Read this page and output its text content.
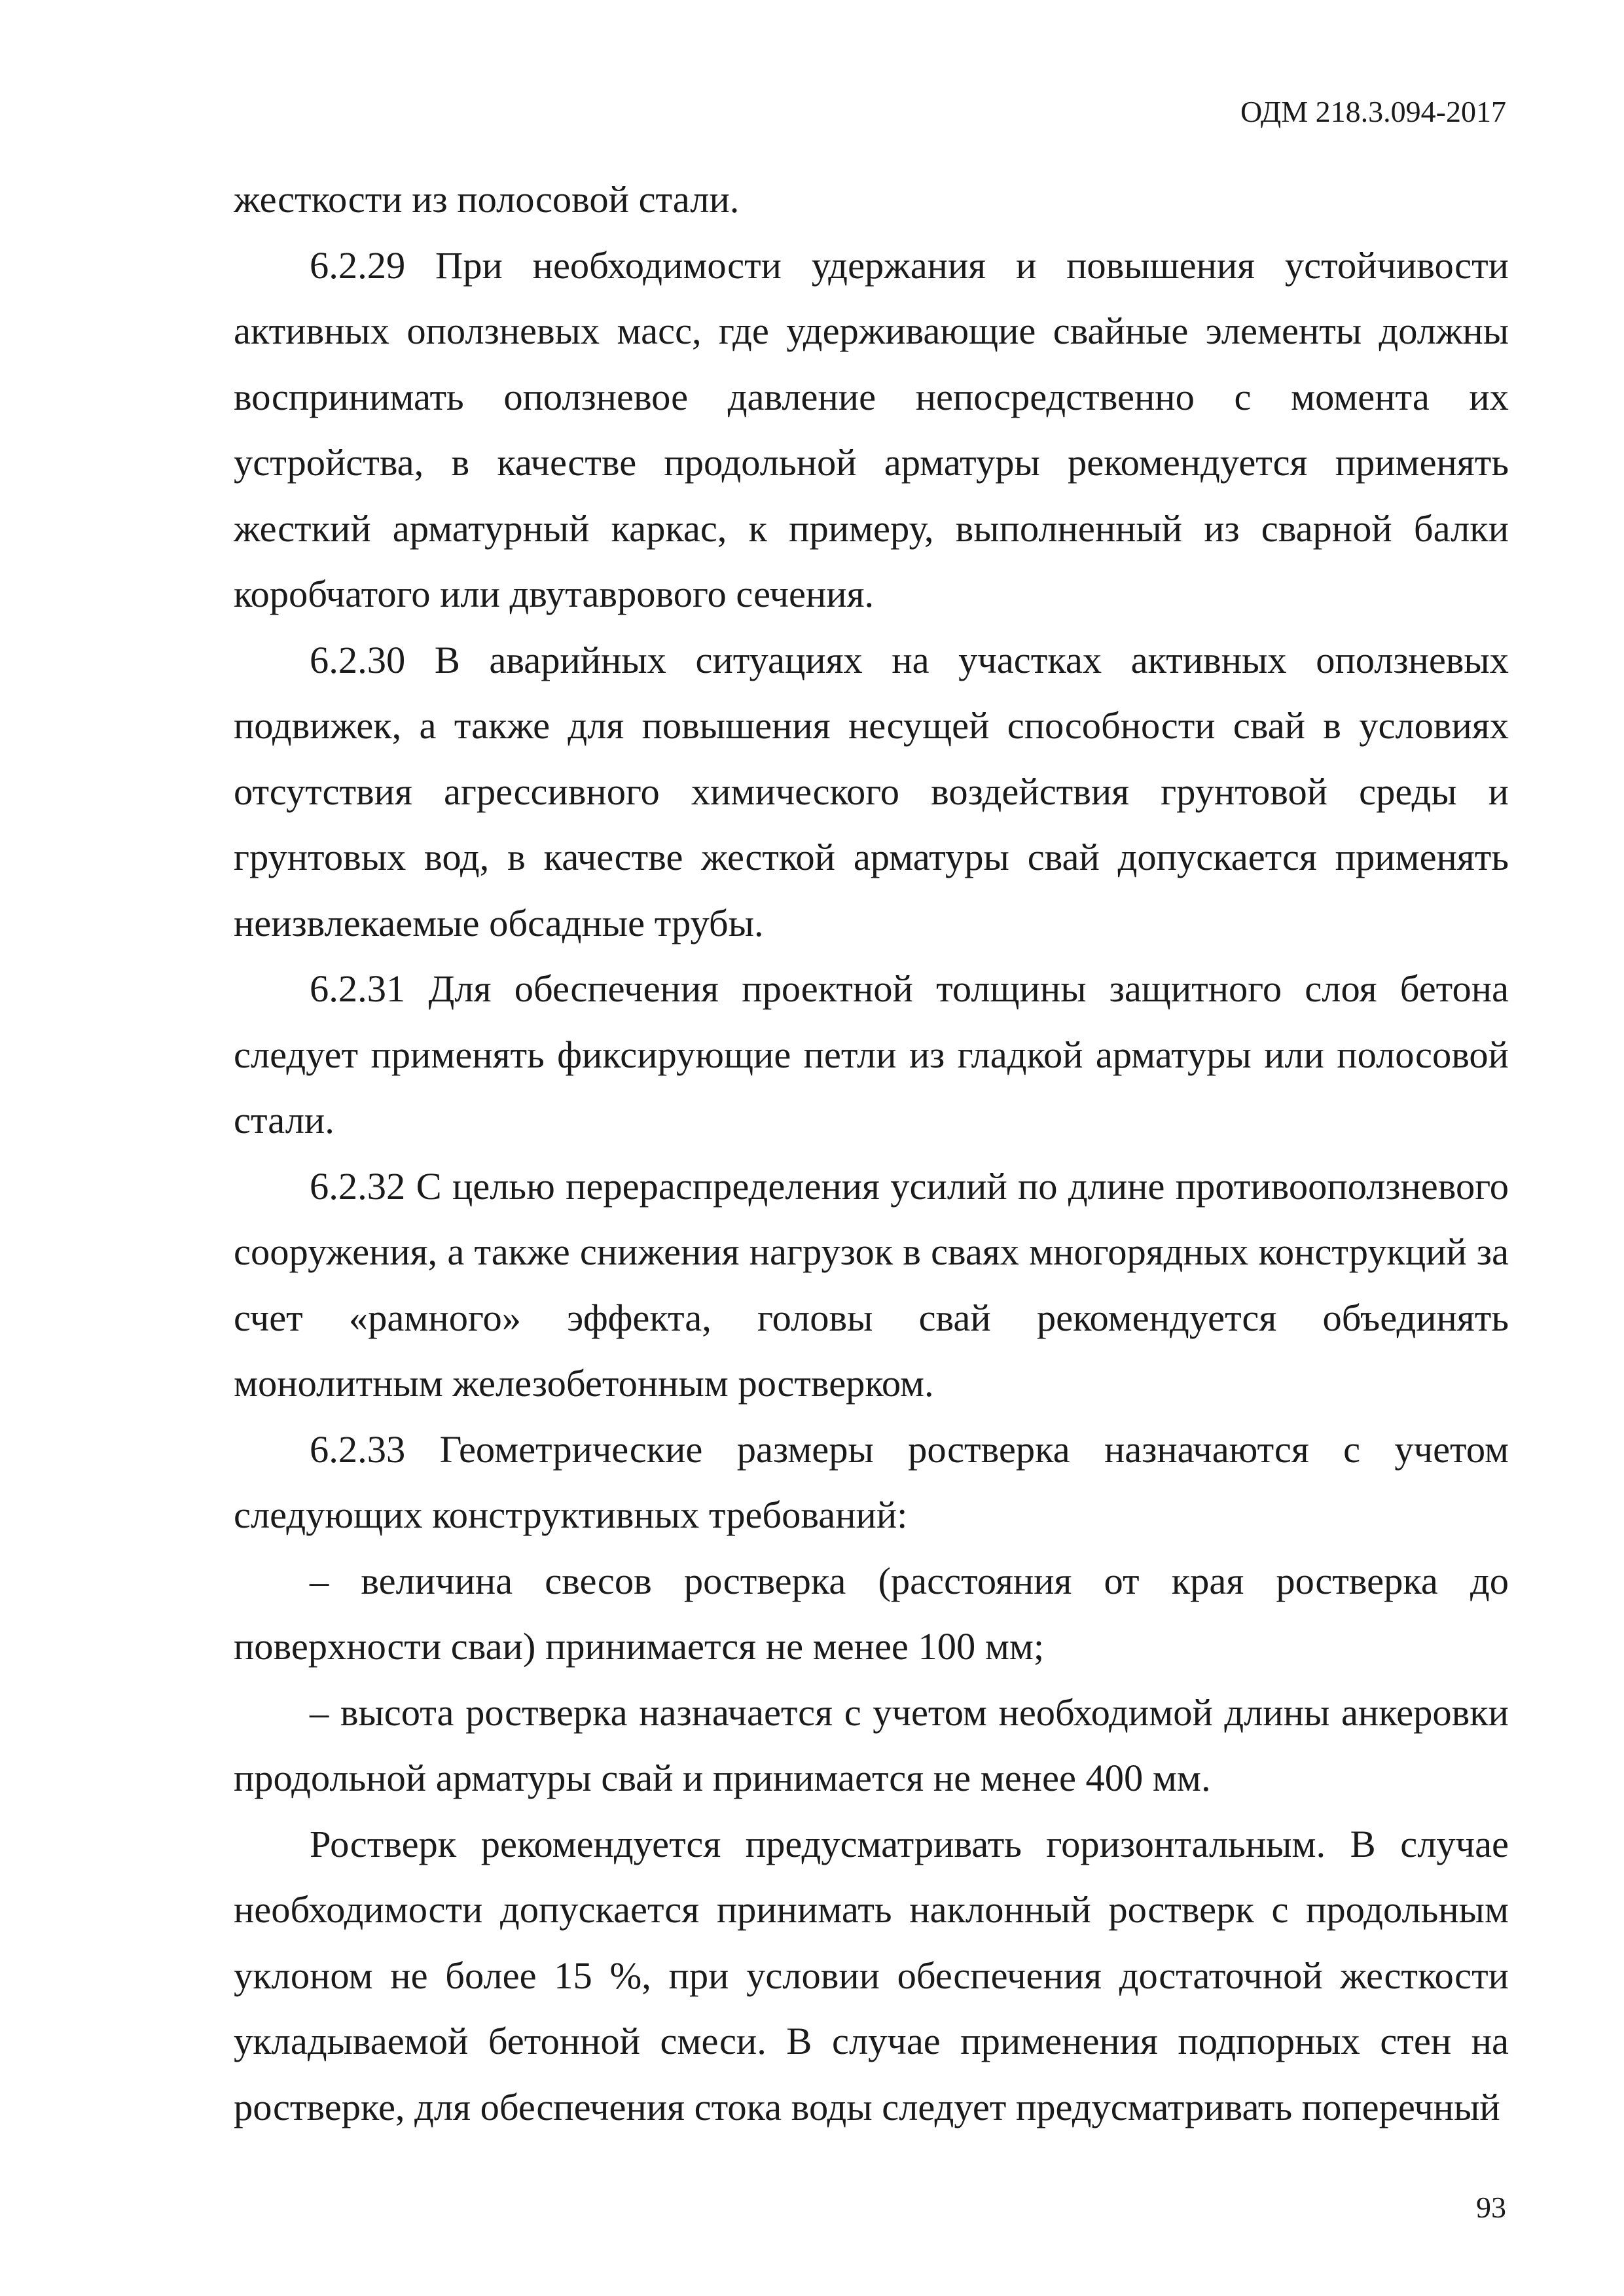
ОДМ 218.3.094-2017

жесткости из полосовой стали.

6.2.29 При необходимости удержания и повышения устойчивости активных оползневых масс, где удерживающие свайные элементы должны воспринимать оползневое давление непосредственно с момента их устройства, в качестве продольной арматуры рекомендуется применять жесткий арматурный каркас, к примеру, выполненный из сварной балки коробчатого или двутаврового сечения.

6.2.30 В аварийных ситуациях на участках активных оползневых подвижек, а также для повышения несущей способности свай в условиях отсутствия агрессивного химического воздействия грунтовой среды и грунтовых вод, в качестве жесткой арматуры свай допускается применять неизвлекаемые обсадные трубы.

6.2.31 Для обеспечения проектной толщины защитного слоя бетона следует применять фиксирующие петли из гладкой арматуры или полосовой стали.

6.2.32 С целью перераспределения усилий по длине противооползневого сооружения, а также снижения нагрузок в сваях многорядных конструкций за счет «рамного» эффекта, головы свай рекомендуется объединять монолитным железобетонным ростверком.

6.2.33 Геометрические размеры ростверка назначаются с учетом следующих конструктивных требований:

– величина свесов ростверка (расстояния от края ростверка до поверхности сваи) принимается не менее 100 мм;

– высота ростверка назначается с учетом необходимой длины анкеровки продольной арматуры свай и принимается не менее 400 мм.

Ростверк рекомендуется предусматривать горизонтальным. В случае необходимости допускается принимать наклонный ростверк с продольным уклоном не более 15 %, при условии обеспечения достаточной жесткости укладываемой бетонной смеси. В случае применения подпорных стен на ростверке, для обеспечения стока воды следует предусматривать поперечный

93
